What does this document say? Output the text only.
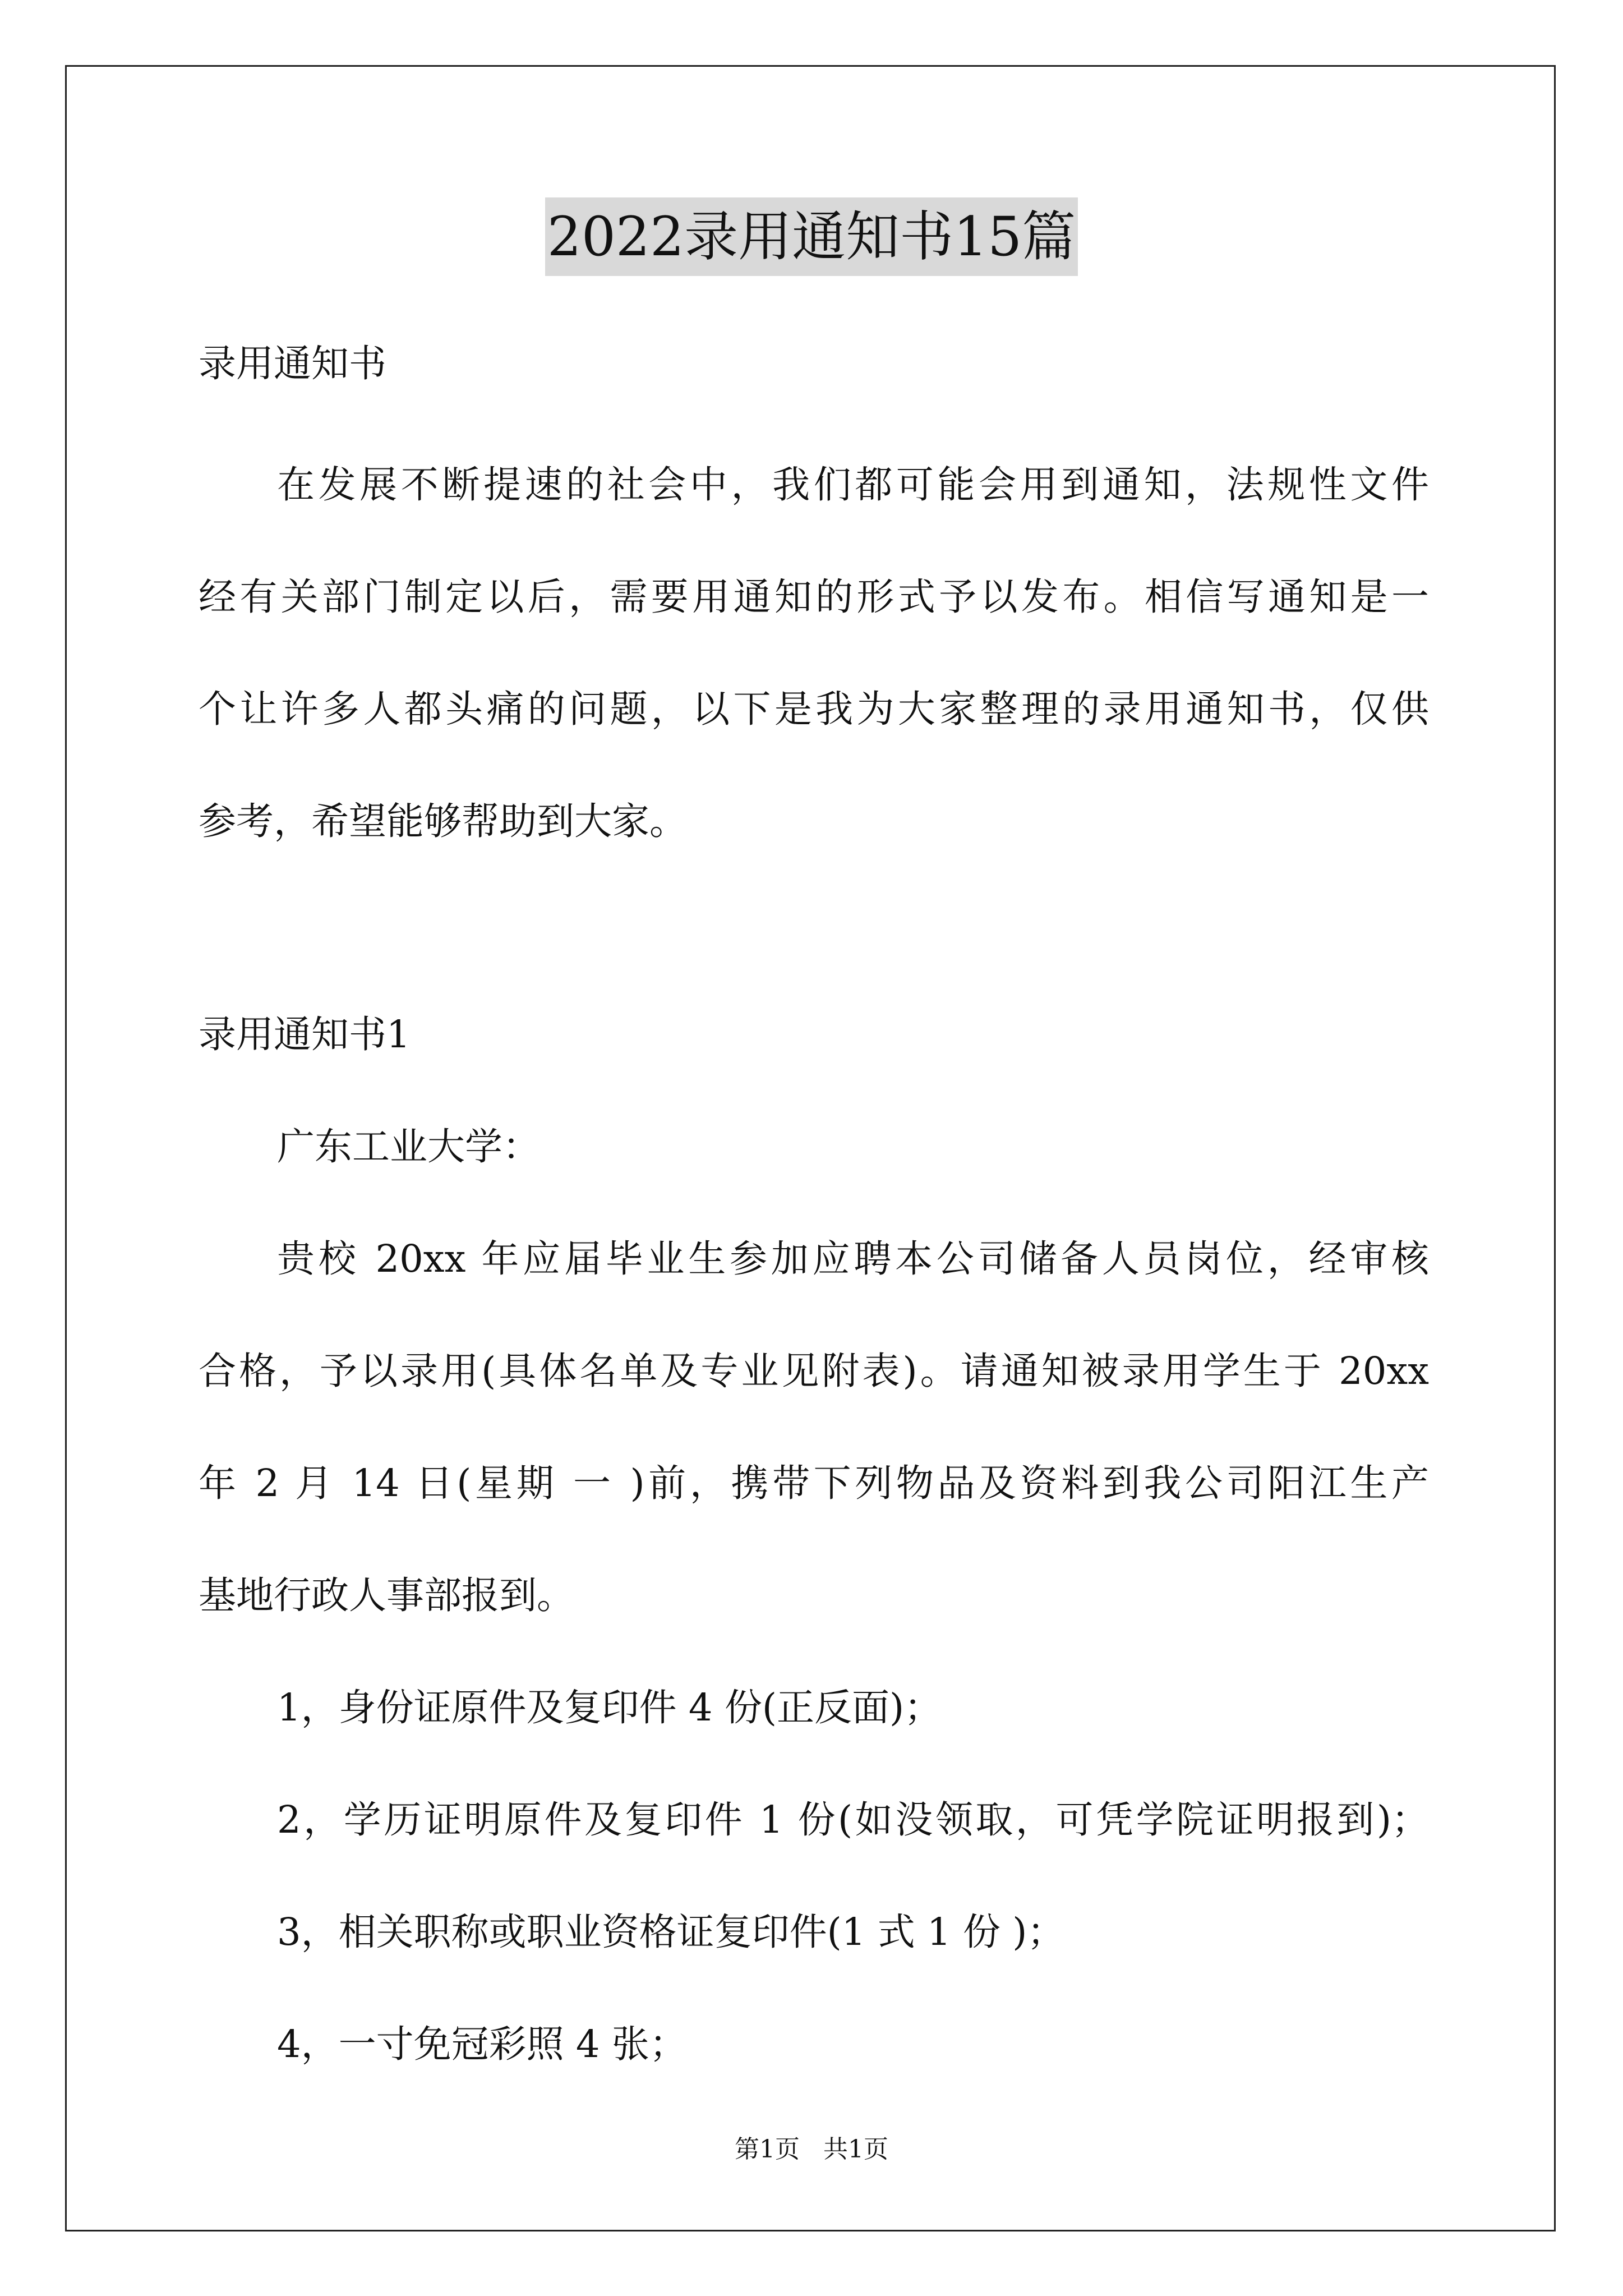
2022录用通知书15篇
录用通知书
在发展不断提速的社会中，我们都可能会用到通知，法规性文件
经有关部门制定以后，需要用通知的形式予以发布。相信写通知是一
个让许多人都头痛的问题，以下是我为大家整理的录用通知书，仅供
参考，希望能够帮助到大家。
录用通知书1
广东工业大学：
贵校 20xx 年应届毕业生参加应聘本公司储备人员岗位，经审核
合格，予以录用(具体名单及专业见附表)。请通知被录用学生于 20xx
年 2 月 14 日(星期 一 )前，携带下列物品及资料到我公司阳江生产
基地行政人事部报到。
1，身份证原件及复印件 4 份(正反面)；
2，学历证明原件及复印件 1 份(如没领取，可凭学院证明报到)；
3，相关职称或职业资格证复印件(1 式 1 份 )；
4，一寸免冠彩照 4 张；
第1页 共1页
